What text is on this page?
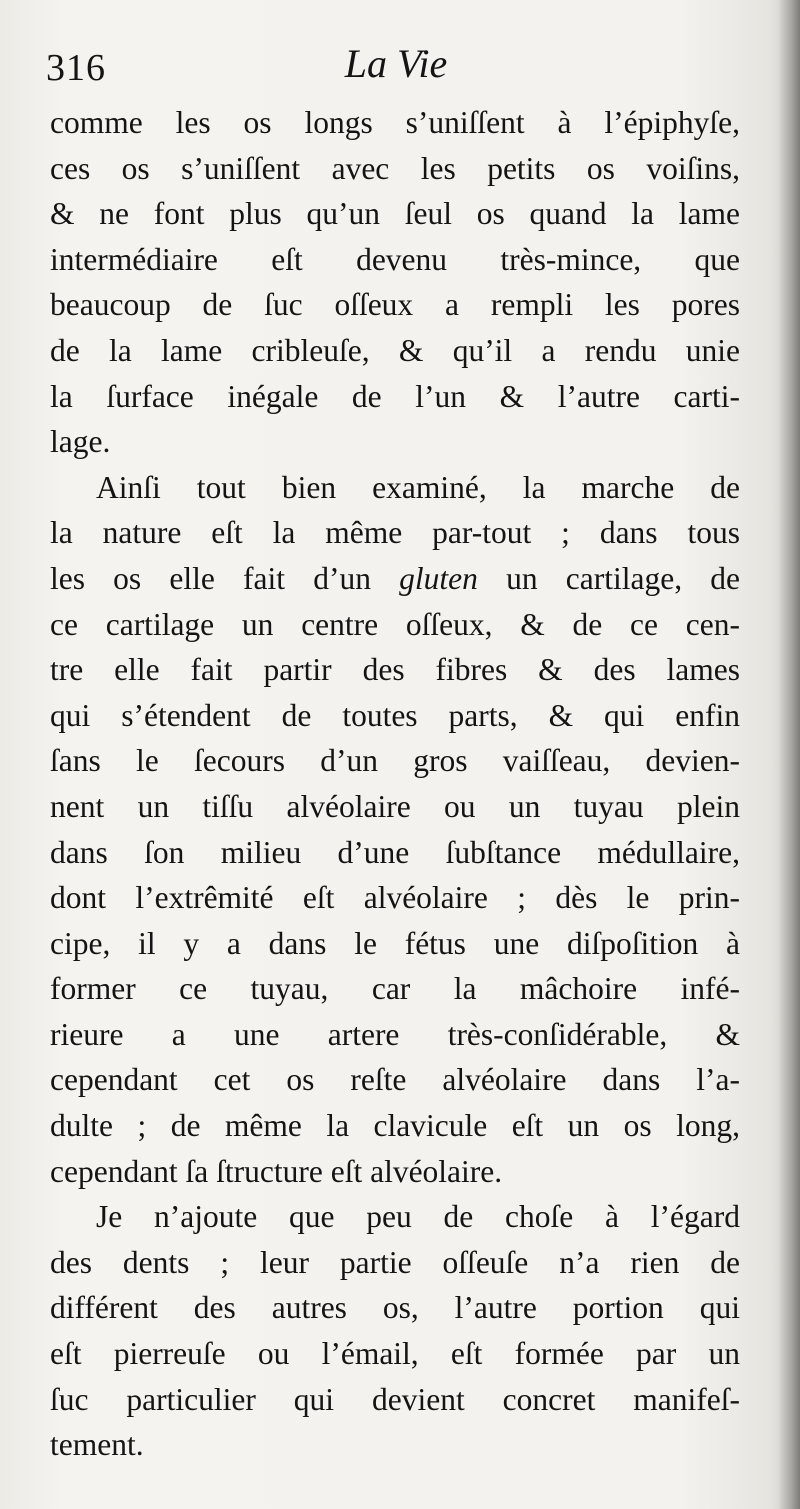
316	La Vie
comme les os longs s’uniſſent à l’épiphyſe,
ces os s’uniſſent avec les petits os voiſins,
& ne font plus qu’un ſeul os quand la lame
intermédiaire eſt devenu très-mince, que
beaucoup de ſuc oſſeux a rempli les pores
de la lame cribleuſe, & qu’il a rendu unie
la ſurface inégale de l’un & l’autre carti-
lage.
Ainſi tout bien examiné, la marche de
la nature eſt la même par-tout ; dans tous
les os elle fait d’un gluten un cartilage, de
ce cartilage un centre oſſeux, & de ce cen-
tre elle fait partir des fibres & des lames
qui s’étendent de toutes parts, & qui enfin
ſans le ſecours d’un gros vaiſſeau, devien-
nent un tiſſu alvéolaire ou un tuyau plein
dans ſon milieu d’une ſubſtance médullaire,
dont l’extrêmité eſt alvéolaire ; dès le prin-
cipe, il y a dans le fétus une diſpoſition à
former ce tuyau, car la mâchoire infé-
rieure a une artere très-conſidérable, &
cependant cet os reſte alvéolaire dans l’a-
dulte ; de même la clavicule eſt un os long,
cependant ſa ſtructure eſt alvéolaire.
Je n’ajoute que peu de choſe à l’égard
des dents ; leur partie oſſeuſe n’a rien de
différent des autres os, l’autre portion qui
eſt pierreuſe ou l’émail, eſt formée par un
ſuc particulier qui devient concret manifeſ-
tement.
